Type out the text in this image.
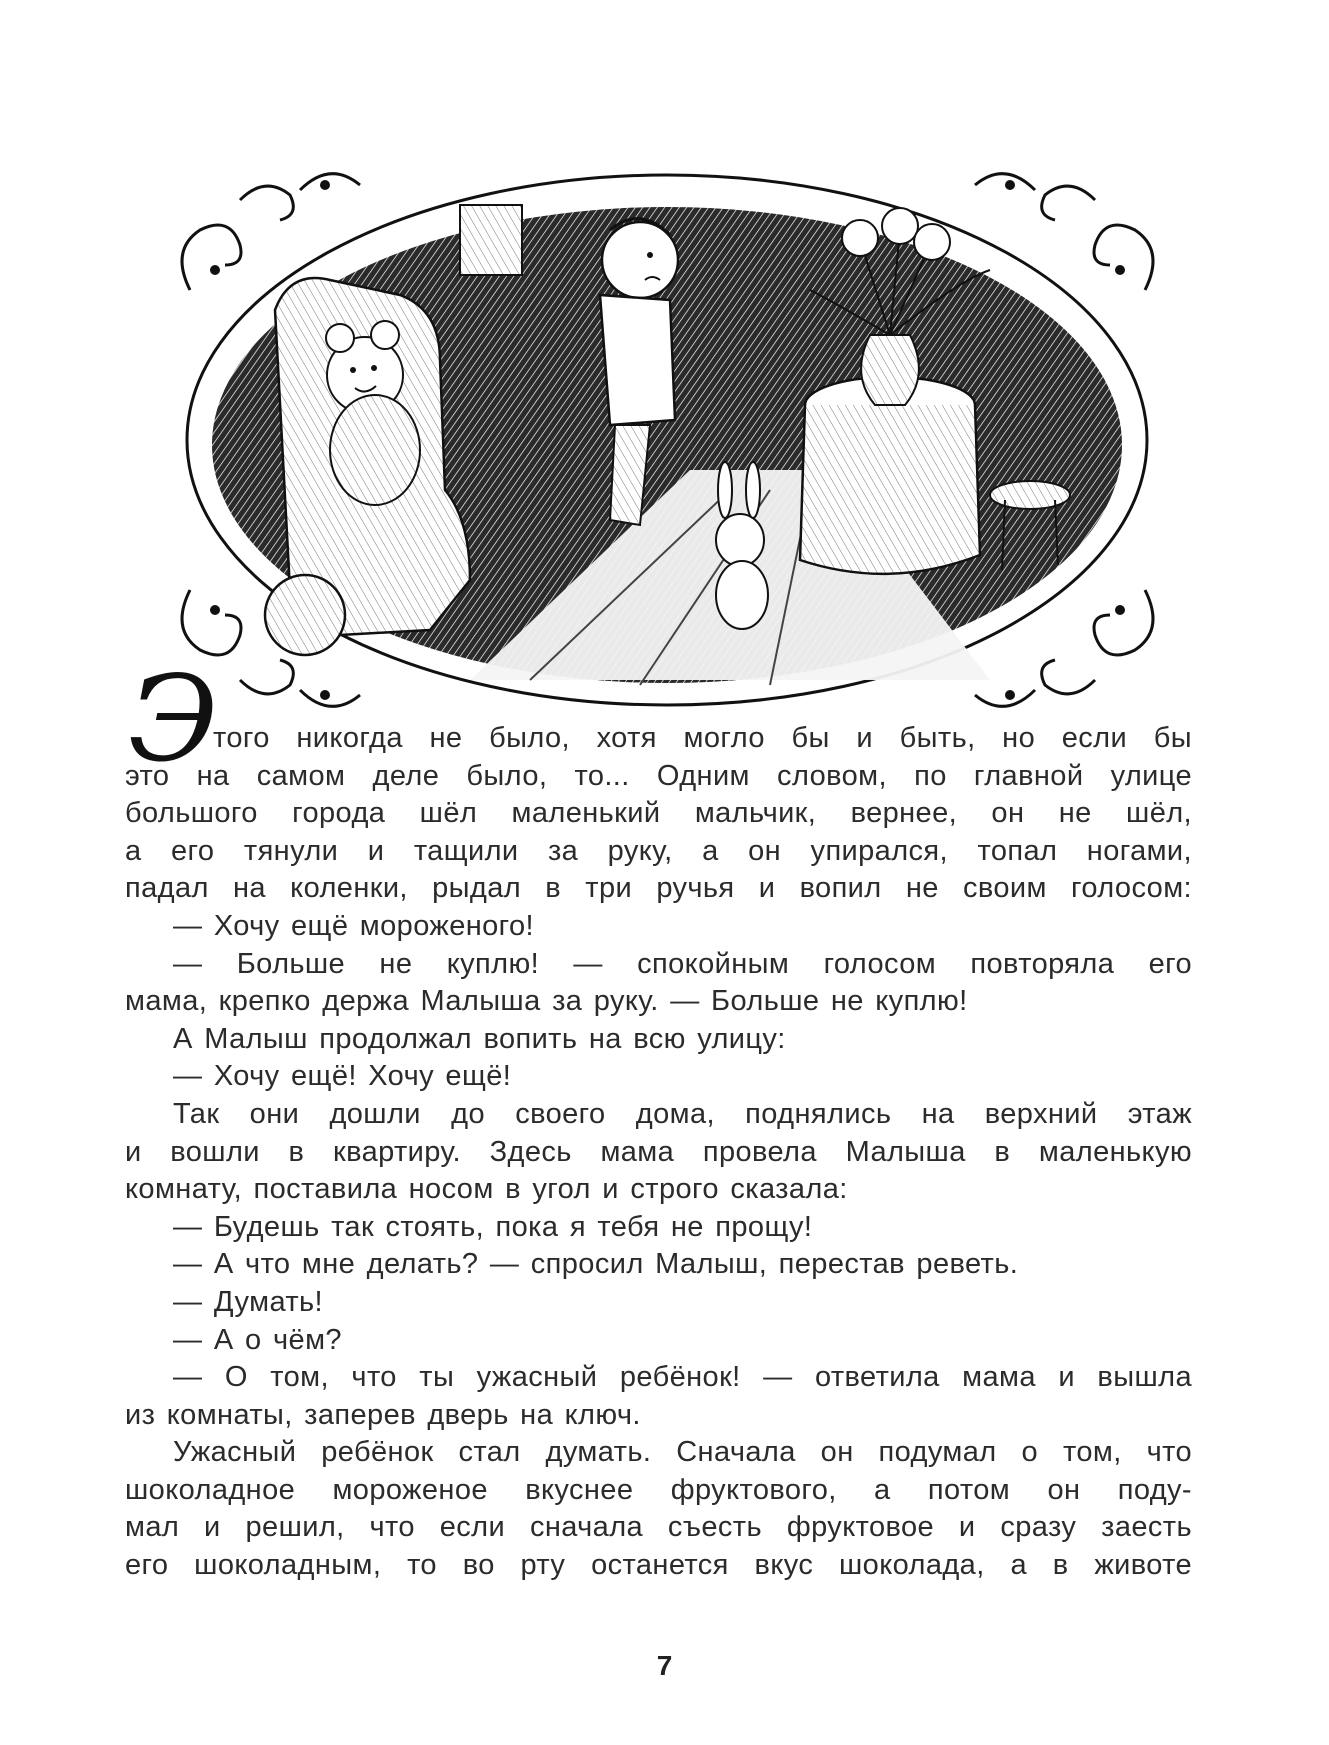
Э
того никогда не было, хотя могло бы и быть, но если бы
это на самом деле было, то... Одним словом, по главной улице
большого города шёл маленький мальчик, вернее, он не шёл,
а его тянули и тащили за руку, а он упирался, топал ногами,
падал на коленки, рыдал в три ручья и вопил не своим голосом:
— Хочу ещё мороженого!
— Больше не куплю! — спокойным голосом повторяла его
мама, крепко держа Малыша за руку. — Больше не куплю!
А Малыш продолжал вопить на всю улицу:
— Хочу ещё! Хочу ещё!
Так они дошли до своего дома, поднялись на верхний этаж
и вошли в квартиру. Здесь мама провела Малыша в маленькую
комнату, поставила носом в угол и строго сказала:
— Будешь так стоять, пока я тебя не прощу!
— А что мне делать? — спросил Малыш, перестав реветь.
— Думать!
— А о чём?
— О том, что ты ужасный ребёнок! — ответила мама и вышла
из комнаты, заперев дверь на ключ.
Ужасный ребёнок стал думать. Сначала он подумал о том, что
шоколадное мороженое вкуснее фруктового, а потом он поду-
мал и решил, что если сначала съесть фруктовое и сразу заесть
его шоколадным, то во рту останется вкус шоколада, а в животе
7
